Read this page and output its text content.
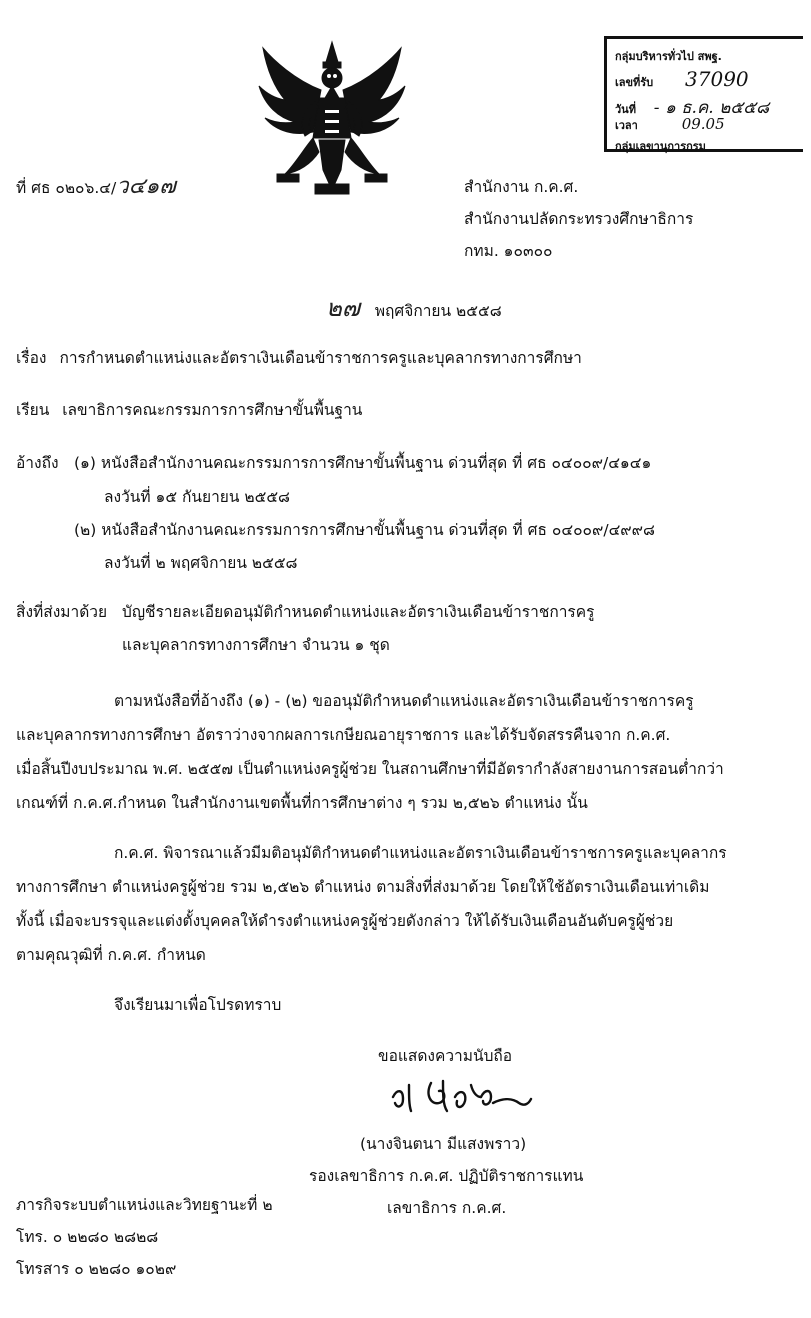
กลุ่มบริหารทั่วไป สพฐ.
เลขที่รับ 37090
วันที่ - ๑ ธ.ค. ๒๕๕๘
เวลา	09.05
กลุ่มเลขานุการกรม
ที่ ศธ ๐๒๐๖.๔/ว๔๑๗	สำนักงาน ก.ค.ศ.
สำนักงานปลัดกระทรวงศึกษาธิการ
กทม. ๑๐๓๐๐
๒๗ พฤศจิกายน ๒๕๕๘
เรื่อง การกำหนดตำแหน่งและอัตราเงินเดือนข้าราชการครูและบุคลากรทางการศึกษา
เรียน เลขาธิการคณะกรรมการการศึกษาขั้นพื้นฐาน
อ้างถึง (๑) หนังสือสำนักงานคณะกรรมการการศึกษาขั้นพื้นฐาน ด่วนที่สุด ที่ ศธ ๐๔๐๐๙/๔๑๔๑
ลงวันที่ ๑๕ กันยายน ๒๕๕๘
(๒) หนังสือสำนักงานคณะกรรมการการศึกษาขั้นพื้นฐาน ด่วนที่สุด ที่ ศธ ๐๔๐๐๙/๔๙๙๘
ลงวันที่ ๒ พฤศจิกายน ๒๕๕๘
สิ่งที่ส่งมาด้วย บัญชีรายละเอียดอนุมัติกำหนดตำแหน่งและอัตราเงินเดือนข้าราชการครู
และบุคลากรทางการศึกษา จำนวน ๑ ชุด
ตามหนังสือที่อ้างถึง (๑) - (๒) ขออนุมัติกำหนดตำแหน่งและอัตราเงินเดือนข้าราชการครู
และบุคลากรทางการศึกษา อัตราว่างจากผลการเกษียณอายุราชการ และได้รับจัดสรรคืนจาก ก.ค.ศ.
เมื่อสิ้นปีงบประมาณ พ.ศ. ๒๕๕๗ เป็นตำแหน่งครูผู้ช่วย ในสถานศึกษาที่มีอัตรากำลังสายงานการสอนต่ำกว่า
เกณฑ์ที่ ก.ค.ศ.กำหนด ในสำนักงานเขตพื้นที่การศึกษาต่าง ๆ รวม ๒,๕๒๖ ตำแหน่ง นั้น
ก.ค.ศ. พิจารณาแล้วมีมติอนุมัติกำหนดตำแหน่งและอัตราเงินเดือนข้าราชการครูและบุคลากร
ทางการศึกษา ตำแหน่งครูผู้ช่วย รวม ๒,๕๒๖ ตำแหน่ง ตามสิ่งที่ส่งมาด้วย โดยให้ใช้อัตราเงินเดือนเท่าเดิม
ทั้งนี้ เมื่อจะบรรจุและแต่งตั้งบุคคลให้ดำรงตำแหน่งครูผู้ช่วยดังกล่าว ให้ได้รับเงินเดือนอันดับครูผู้ช่วย
ตามคุณวุฒิที่ ก.ค.ศ. กำหนด
จึงเรียนมาเพื่อโปรดทราบ
ขอแสดงความนับถือ
(นางจินตนา มีแสงพราว)
รองเลขาธิการ ก.ค.ศ. ปฏิบัติราชการแทน
เลขาธิการ ก.ค.ศ.
ภารกิจระบบตำแหน่งและวิทยฐานะที่ ๒
โทร. ๐ ๒๒๘๐ ๒๘๒๘
โทรสาร ๐ ๒๒๘๐ ๑๐๒๙
